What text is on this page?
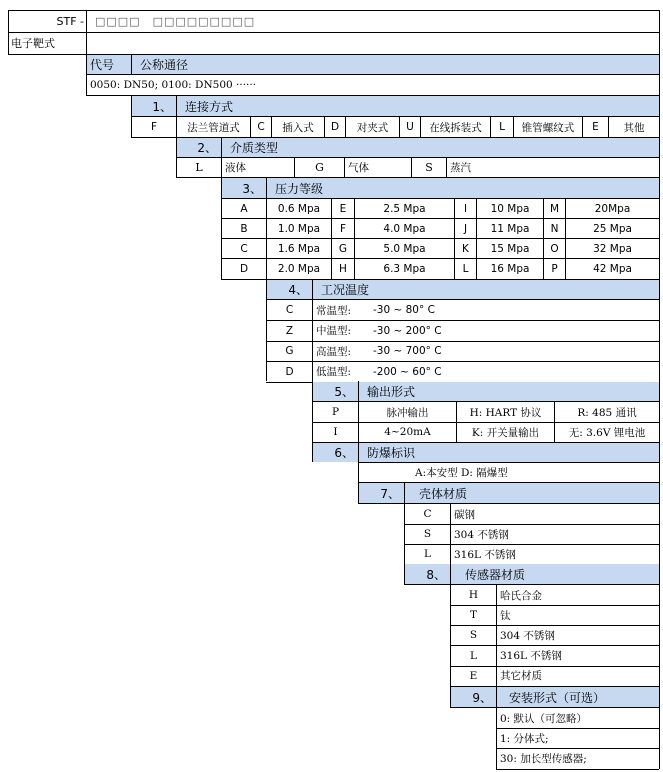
STF - □□□□　□□□□□□□□□
电子靶式
代号	公称通径
0050: DN50; 0100: DN500 ······
1、	连接方式
F	法兰管道式	C	插入式	D	对夹式	U	在线拆装式	L	锥管螺纹式	E	其他
2、	介质类型
L	液体	G	气体	S	蒸汽
3、	压力等级
A	0.6 Mpa	E	2.5 Mpa	I	10 Mpa	M	20Mpa
B	1.0 Mpa	F	4.0 Mpa	J	11 Mpa	N	25 Mpa
C	1.6 Mpa	G	5.0 Mpa	K	15 Mpa	O	32 Mpa
D	2.0 Mpa	H	6.3 Mpa	L	16 Mpa	P	42 Mpa
4、	工况温度
C	常温型:	-30 ~ 80° C
Z	中温型:	-30 ~ 200° C
G	高温型:	-30 ~ 700° C
D	低温型:	-200 ~ 60° C
5、	输出形式
P	脉冲输出	H: HART 协议	R: 485 通讯
I	4~20mA	K: 开关量输出	无: 3.6V 锂电池
6、	防爆标识
A:本安型 D: 隔爆型
7、	壳体材质
C	碳钢
S	304 不锈钢
L	316L 不锈钢
8、	传感器材质
H	哈氏合金
T	钛
S	304 不锈钢
L	316L 不锈钢
E	其它材质
9、	安装形式（可选）
0: 默认（可忽略）
1: 分体式;
30: 加长型传感器;
